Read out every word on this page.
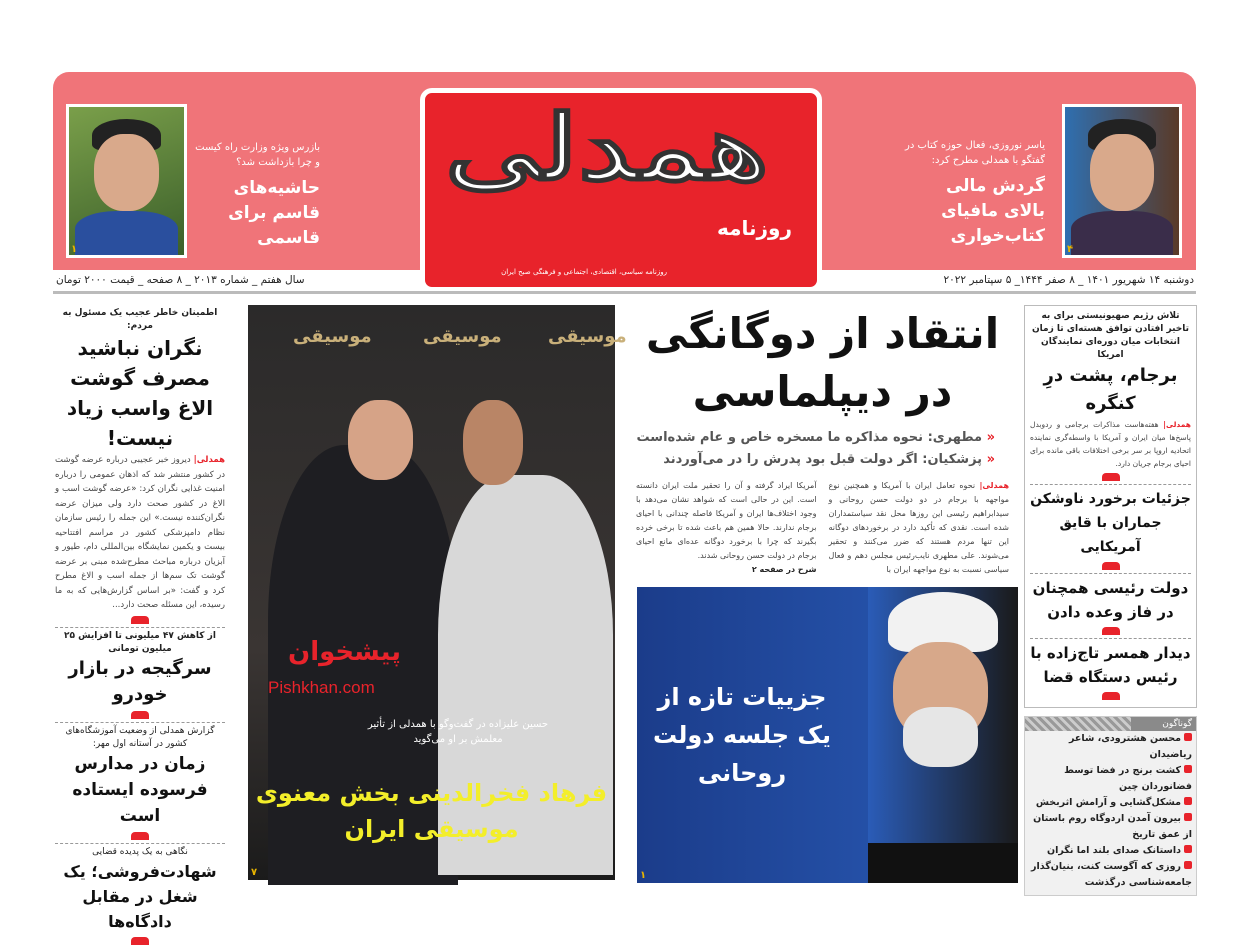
۱
بازرس ویژه وزارت راه کیست و چرا بازداشت شد؟
حاشیه‌های قاسم برای قاسمی
همدلی
روزنامه
روزنامه سیاسی، اقتصادی، اجتماعی و فرهنگی صبح ایران
یاسر نوروزی، فعال حوزه کتاب در گفتگو با همدلی مطرح کرد:
گردش مالی بالای مافیای کتاب‌خواری
۴
سال هفتم _ شماره ۲۰۱۳ _ ۸ صفحه _ قیمت ۲۰۰۰ تومان	دوشنبه ۱۴ شهریور ۱۴۰۱ _ ۸ صفر ۱۴۴۴_ ۵ سپتامبر ۲۰۲۲
اطمینان خاطر عجیب یک مسئول به مردم:
نگران نباشید مصرف گوشت الاغ واسب زیاد نیست!
همدلی| دیروز خبر عجیبی درباره عرضه گوشت در کشور منتشر شد که اذهان عمومی را درباره امنیت غذایی نگران کرد: «عرضه گوشت اسب و الاغ در کشور صحت دارد ولی میزان عرضه نگران‌کننده نیست.» این جمله را رئیس سازمان نظام دامپزشکی کشور در مراسم افتتاحیه بیست و یکمین نمایشگاه بین‌المللی دام، طیور و آبزیان درباره مباحث مطرح‌شده مبنی بر عرضه گوشت تک سم‌ها از جمله اسب و الاغ مطرح کرد و گفت: «بر اساس گزارش‌هایی که به ما رسیده، این مسئله صحت دارد...
از کاهش ۴۷ میلیونی تا افزایش ۲۵ میلیون تومانی
سرگیجه در بازار خودرو
گزارش همدلی از وضعیت آموزشگاه‌های کشور در آستانه اول مهر:
زمان در مدارس فرسوده ایستاده است
نگاهی به یک پدیده قضایی
شهادت‌فروشی؛ یک شغل در مقابل دادگاه‌ها
موسیقی	موسیقی	موسیقی
پیشخوان
Pishkhan.com
حسین علیزاده در گفت‌وگو با همدلی از تأثیر معلمش بر او می‌گوید
فرهاد فخرالدینی بخش معنوی موسیقی ایران
۷
انتقاد از دوگانگی در دیپلماسی
« مطهری: نحوه مذاکره ما مسخره خاص و عام شده‌است
« پزشکیان: اگر دولت قبل بود پدرش را در می‌آوردند
همدلی| نحوه تعامل ایران با آمریکا و همچنین نوع مواجهه با برجام در دو دولت حسن روحانی و سیدابراهیم رئیسی این روزها محل نقد سیاستمداران شده است. نقدی که تأکید دارد در برخوردهای دوگانه این تنها مردم هستند که ضرر می‌کنند و تحقیر می‌شوند. علی مطهری نایب‌رئیس مجلس دهم و فعال سیاسی نسبت به نوع مواجهه ایران با
آمریکا ایراد گرفته و آن را تحقیر ملت ایران دانسته است. این در حالی است که شواهد نشان می‌دهد با وجود اختلاف‌ها ایران و آمریکا فاصله چندانی با احیای برجام ندارند. حالا همین هم باعث شده تا برخی خرده بگیرند که چرا با برخورد دوگانه عده‌ای مانع احیای برجام در دولت حسن روحانی شدند.
شرح در صفحه ۲
جزییات تازه از یک جلسه دولت روحانی
۱
تلاش رژیم صهیونیستی برای به تاخیر افتادن توافق هسته‌ای تا زمان انتخابات میان دوره‌ای نمایندگان امریکا
برجام، پشت درِ کنگره
همدلی| هفته‌هاست مذاکرات برجامی و ردوبدل پاسخ‌ها میان ایران و آمریکا با واسطه‌گری نماینده اتحادیه اروپا بر سر برخی اختلافات باقی مانده برای احیای برجام جریان دارد.
جزئیات برخورد ناوشکن جماران با قایق آمریکایی
دولت رئیسی همچنان در فاز وعده دادن
دیدار همسر تاج‌زاده با رئیس دستگاه قضا
گوناگون
محسن هشترودی، شاعر ریاضیدان
کشت برنج در فضا توسط فضانوردان چین
مشکل‌گشایی و آرامش اثربخش
بیرون آمدن اردوگاه روم باستان از عمق تاریخ
داستانک صدای بلند اما نگران
روزی که آگوست کنت، بنیان‌گذار جامعه‌شناسی درگذشت
